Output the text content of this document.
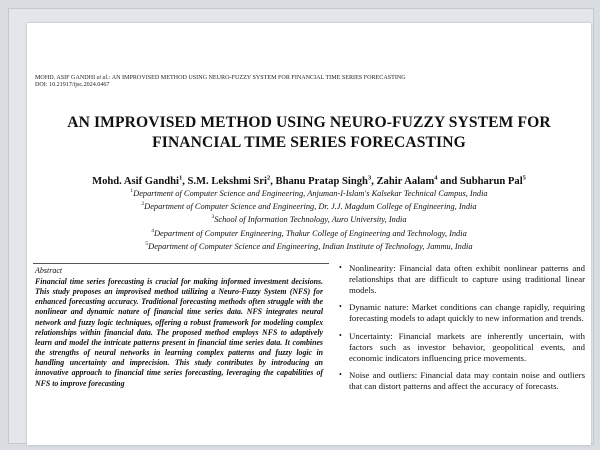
MOHD. ASIF GANDHI et al.: AN IMPROVISED METHOD USING NEURO-FUZZY SYSTEM FOR FINANCIAL TIME SERIES FORECASTING
DOI: 10.21917/ijsc.2024.0467
AN IMPROVISED METHOD USING NEURO-FUZZY SYSTEM FOR FINANCIAL TIME SERIES FORECASTING
Mohd. Asif Gandhi$^1$, S.M. Lekshmi Sri$^2$, Bhanu Pratap Singh$^3$, Zahir Aalam$^4$ and Subharun Pal$^5$
$^1$Department of Computer Science and Engineering, Anjuman-I-Islam's Kalsekar Technical Campus, India
$^2$Department of Computer Science and Engineering, Dr. J.J. Magdum College of Engineering, India
$^3$School of Information Technology, Auro University, India
$^4$Department of Computer Engineering, Thakur College of Engineering and Technology, India
$^5$Department of Computer Science and Engineering, Indian Institute of Technology, Jammu, India
Abstract
Financial time series forecasting is crucial for making informed investment decisions. This study proposes an improvised method utilizing a Neuro-Fuzzy System (NFS) for enhanced forecasting accuracy. Traditional forecasting methods often struggle with the nonlinear and dynamic nature of financial time series data. NFS integrates neural network and fuzzy logic techniques, offering a robust framework for modeling complex relationships within financial data. The proposed method employs NFS to adaptively learn and model the intricate patterns present in financial time series data. It combines the strengths of neural networks in learning complex patterns and fuzzy logic in handling uncertainty and imprecision. This study contributes by introducing an innovative approach to financial time series forecasting, leveraging the capabilities of NFS to improve forecasting
• Nonlinearity: Financial data often exhibit nonlinear patterns and relationships that are difficult to capture using traditional linear models.
• Dynamic nature: Market conditions can change rapidly, requiring forecasting models to adapt quickly to new information and trends.
• Uncertainty: Financial markets are inherently uncertain, with factors such as investor behavior, geopolitical events, and economic indicators influencing price movements.
• Noise and outliers: Financial data may contain noise and outliers that can distort patterns and affect the accuracy of forecasts.
